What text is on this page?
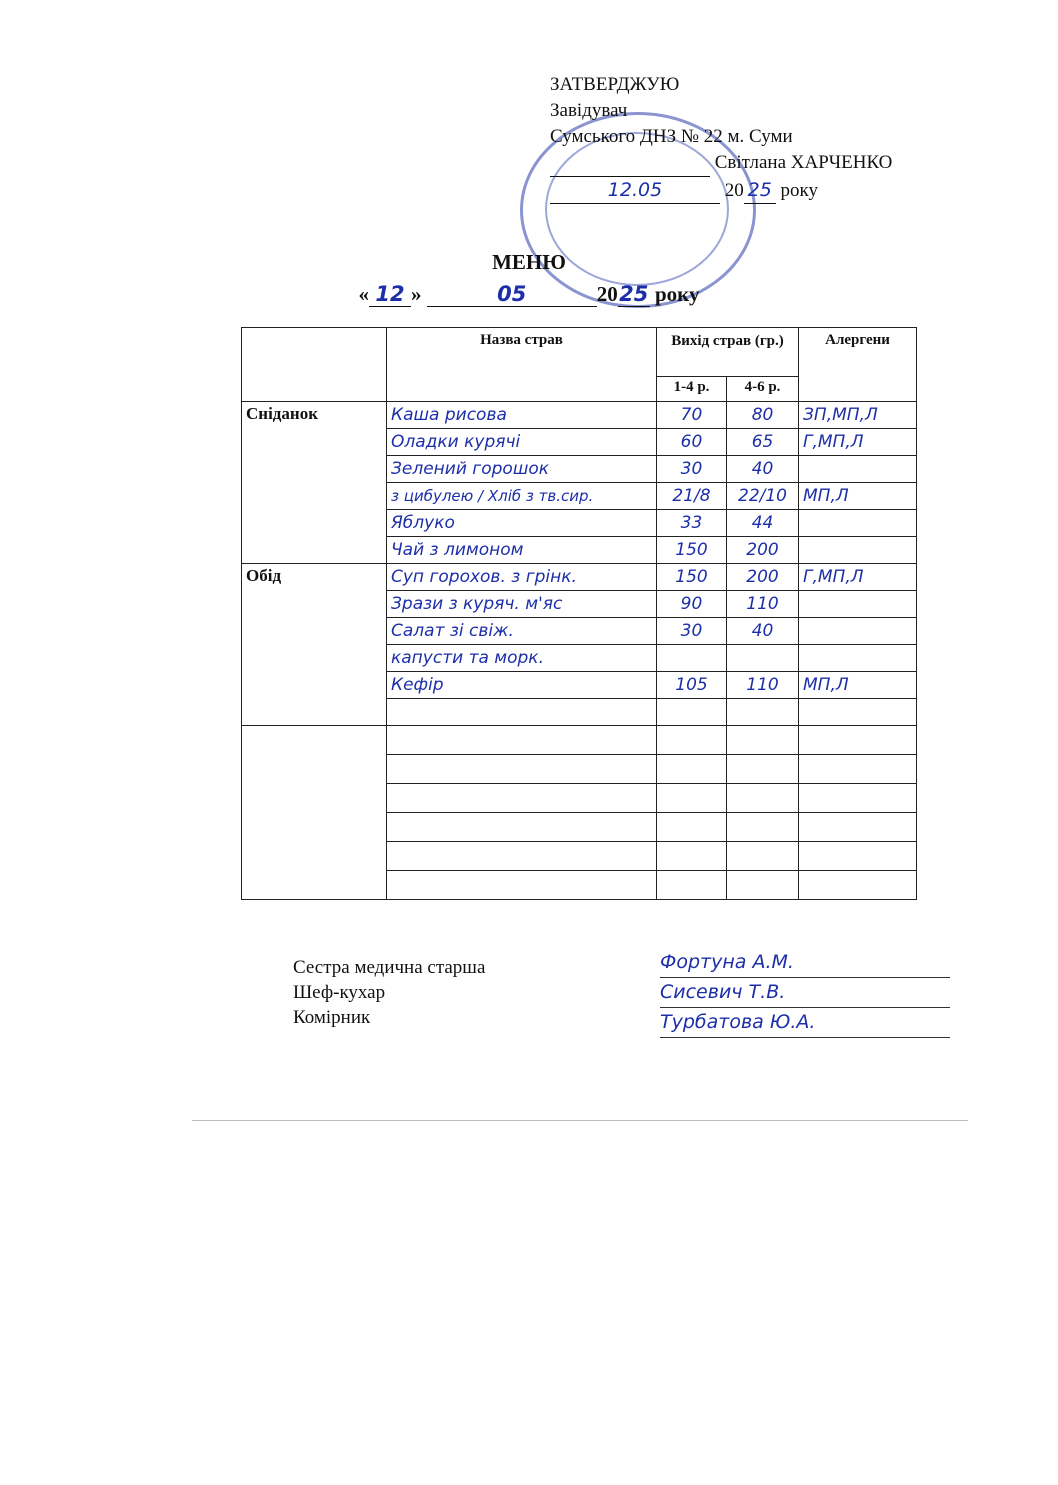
ЗАТВЕРДЖУЮ
Завідувач
Сумського ДНЗ № 22 м. Суми
Світлана ХАРЧЕНКО
12.05	20 25 року
МЕНЮ
« 12 »	05	2025 року
	Назва страв	Вихід страв (гр.)		Алергени
		1-4 р.	4-6 р.	
Сніданок	Каша рисова	70	80	ЗП,МП,Л
	Оладки курячі	60	65	Г,МП,Л
	Зелений горошок	30	40	
	з цибулею / Хліб з тв.сир.	21/8	22/10	МП,Л
	Яблуко	33	44	
	Чай з лимоном	150	200	
Обід	Суп горохов. з грінк.	150	200	Г,МП,Л
	Зрази з куряч. м'яс	90	110	
	Салат зі свіж.	30	40	
	капусти та морк.			
	Кефір	105	110	МП,Л

Сестра медична старша
Шеф-кухар
Комірник
Фортуна А.М.
Сисевич Т.В.
Турбатова Ю.А.
